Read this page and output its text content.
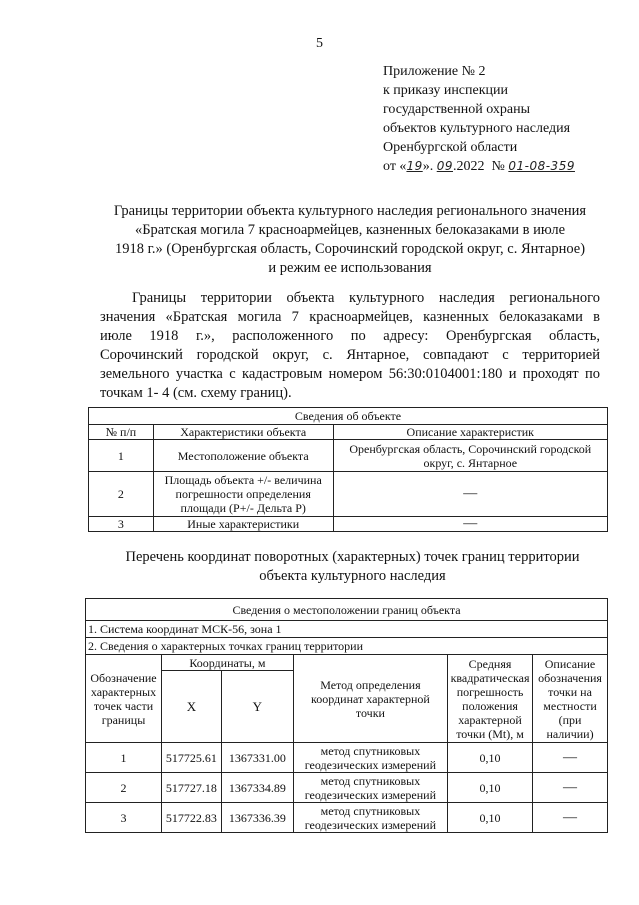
5
Приложение № 2
к приказу инспекции
государственной охраны
объектов культурного наследия
Оренбургской области
от «19». 09.2022 № 01-08-359
Границы территории объекта культурного наследия регионального значения
«Братская могила 7 красноармейцев, казненных белоказаками в июле
1918 г.» (Оренбургская область, Сорочинский городской округ, с. Янтарное)
и режим ее использования
Границы территории объекта культурного наследия регионального
значения «Братская могила 7 красноармейцев, казненных белоказаками в
июле 1918 г.», расположенного по адресу: Оренбургская область,
Сорочинский городской округ, с. Янтарное, совпадают с территорией
земельного участка с кадастровым номером 56:30:0104001:180 и проходят по
точкам 1- 4 (см. схему границ).
Сведения об объекте		
№ п/п	Характеристики объекта	Описание характеристик
1	Местоположение объекта	Оренбургская область, Сорочинский городской округ, с. Янтарное
2	Площадь объекта +/- величина погрешности определения площади (Р+/- Дельта Р)	—
3	Иные характеристики	—
Перечень координат поворотных (характерных) точек границ территории
объекта культурного наследия
Сведения о местоположении границ объекта					
1. Система координат МСК-56, зона 1					
2. Сведения о характерных точках границ территории					
Обозначение характерных точек части границы	Координаты, м		Метод определения координат характерной точки	Средняя квадратическая погрешность положения характерной точки (Mt), м	Описание обозначения точки на местности (при наличии)
	X	Y			
1	517725.61	1367331.00	метод спутниковых геодезических измерений	0,10	—
2	517727.18	1367334.89	метод спутниковых геодезических измерений	0,10	—
3	517722.83	1367336.39	метод спутниковых геодезических измерений	0,10	—
